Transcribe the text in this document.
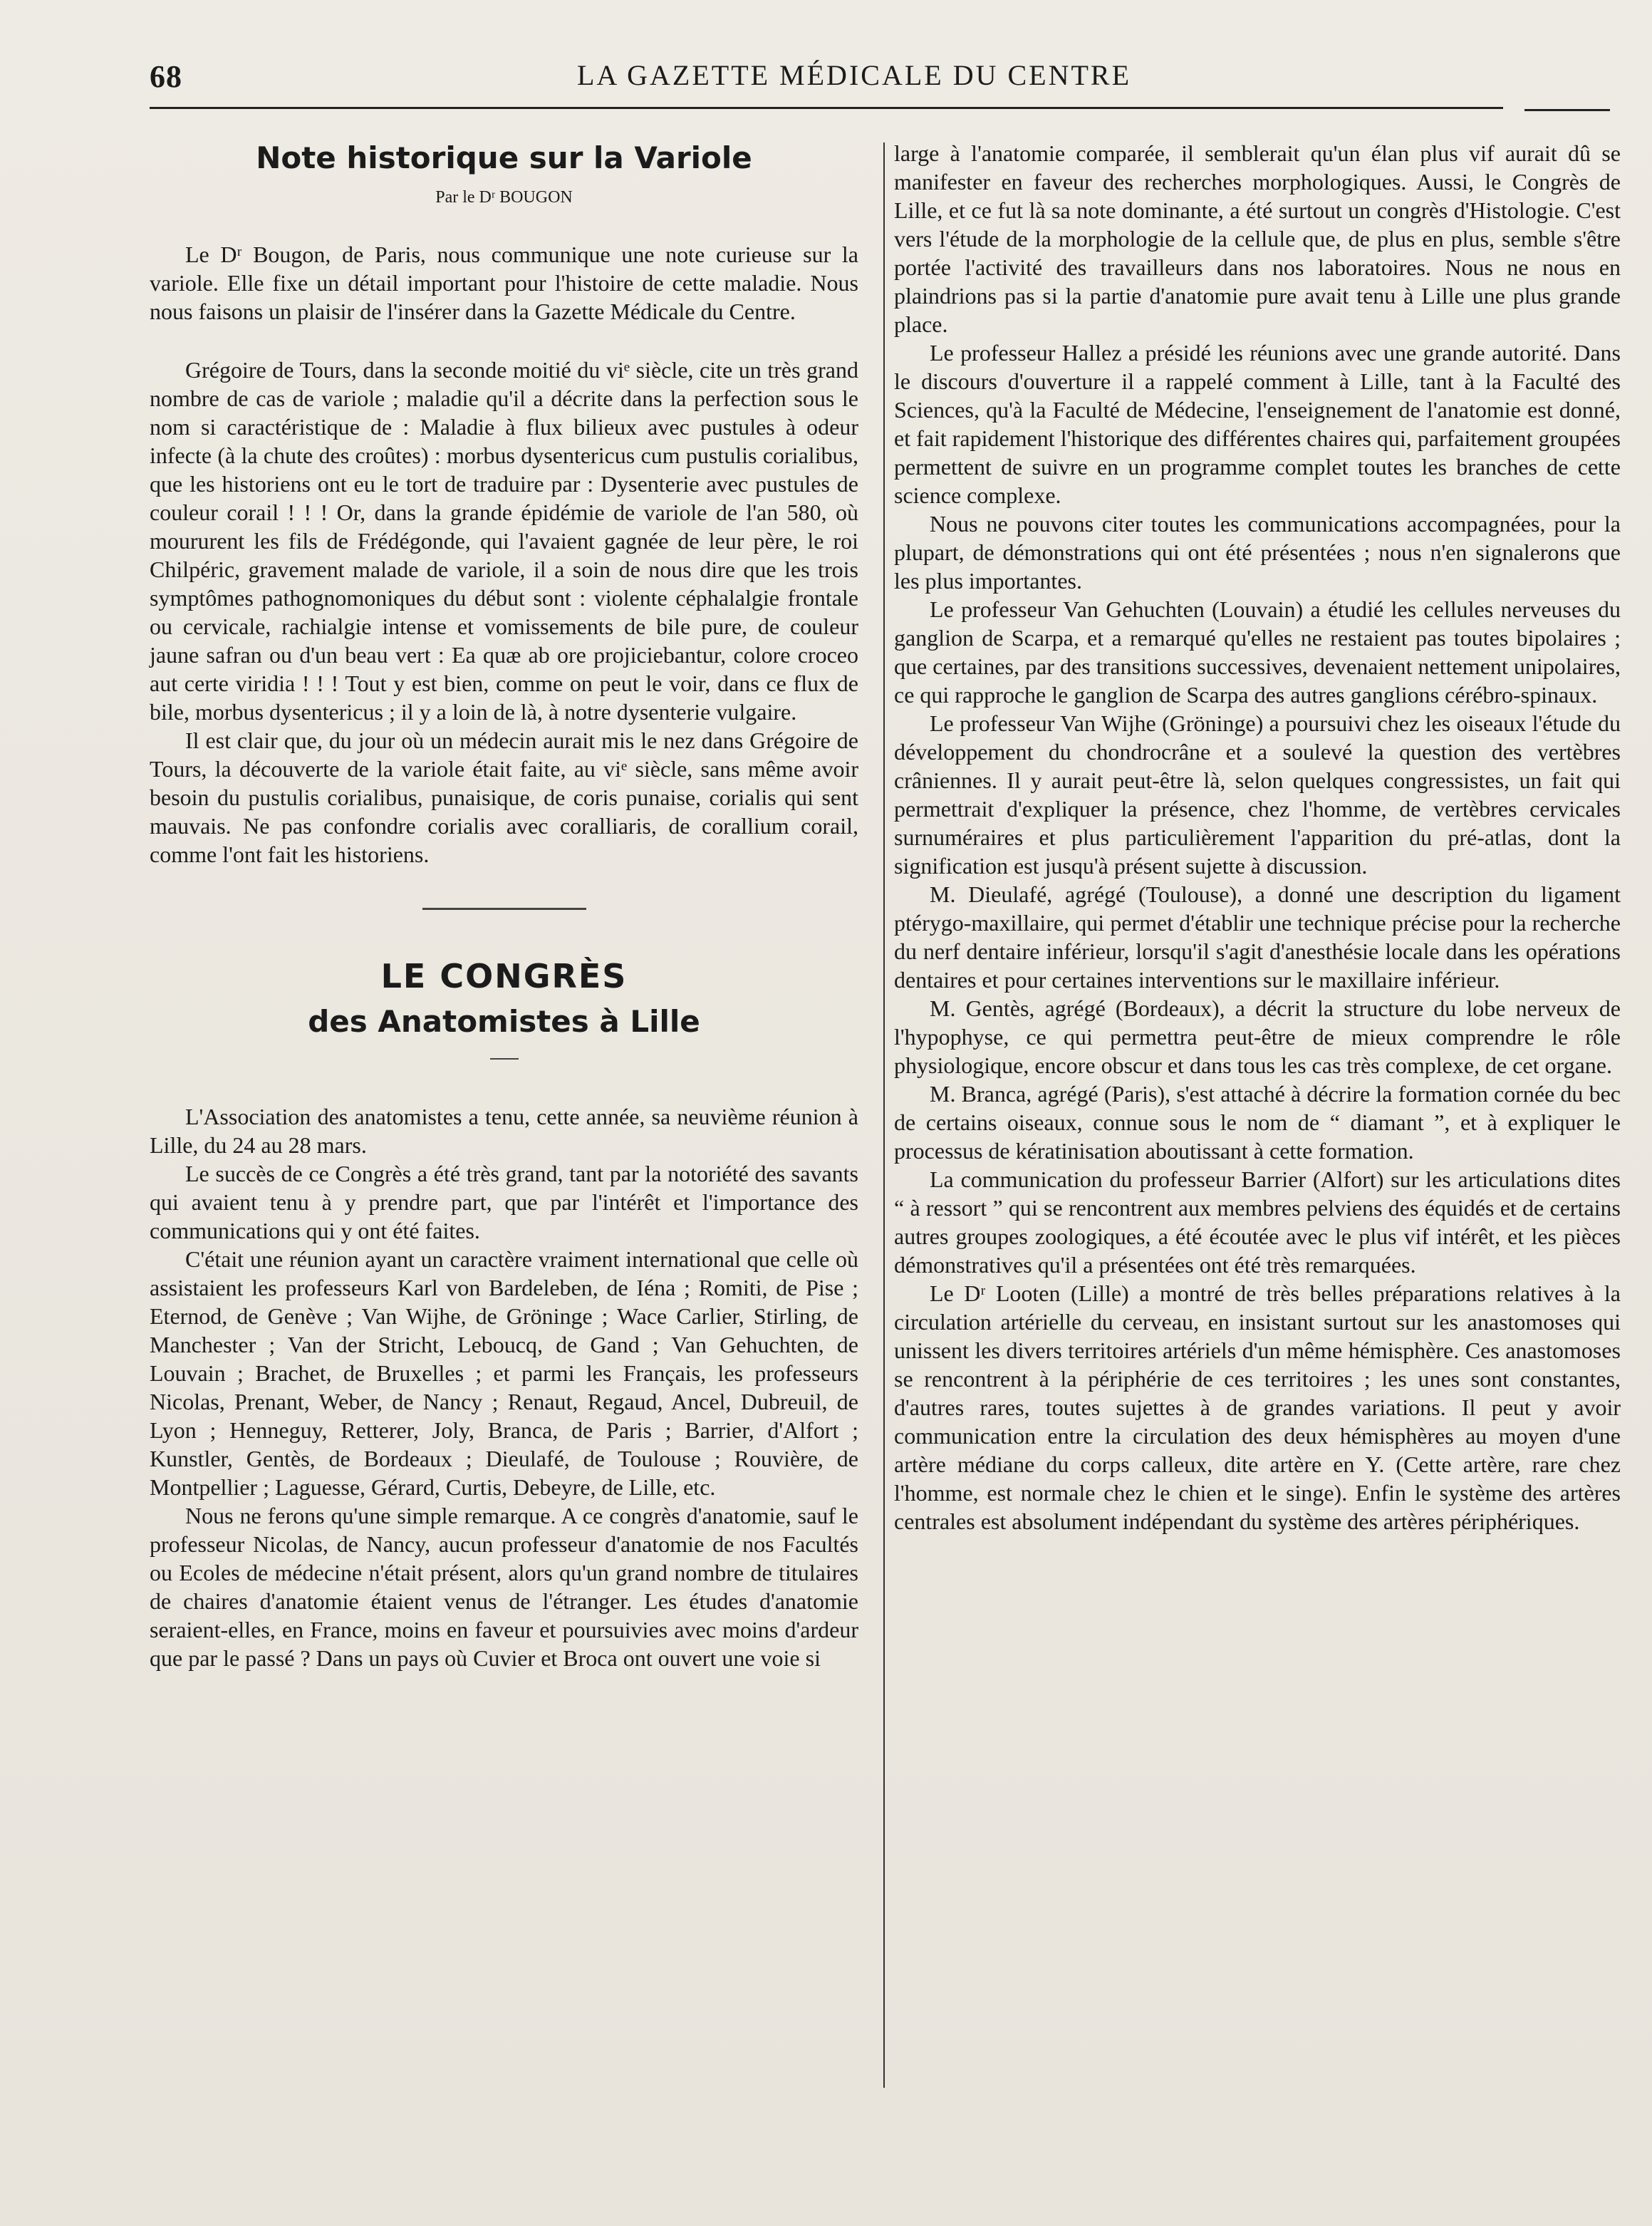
68	LA GAZETTE MÉDICALE DU CENTRE
Note historique sur la Variole
Par le Dʳ BOUGON

Le Dʳ Bougon, de Paris, nous communique une note curieuse sur la variole. Elle fixe un détail important pour l'histoire de cette maladie. Nous nous faisons un plaisir de l'insérer dans la Gazette Médicale du Centre.

Grégoire de Tours, dans la seconde moitié du viᵉ siècle, cite un très grand nombre de cas de variole ; maladie qu'il a décrite dans la perfection sous le nom si caractéristique de : Maladie à flux bilieux avec pustules à odeur infecte (à la chute des croûtes) : morbus dysentericus cum pustulis corialibus, que les historiens ont eu le tort de traduire par : Dysenterie avec pustules de couleur corail ! ! ! Or, dans la grande épidémie de variole de l'an 580, où moururent les fils de Frédégonde, qui l'avaient gagnée de leur père, le roi Chilpéric, gravement malade de variole, il a soin de nous dire que les trois symptômes pathognomoniques du début sont : violente céphalalgie frontale ou cervicale, rachialgie intense et vomissements de bile pure, de couleur jaune safran ou d'un beau vert : Ea quæ ab ore projiciebantur, colore croceo aut certe viridia ! ! ! Tout y est bien, comme on peut le voir, dans ce flux de bile, morbus dysentericus ; il y a loin de là, à notre dysenterie vulgaire.

Il est clair que, du jour où un médecin aurait mis le nez dans Grégoire de Tours, la découverte de la variole était faite, au viᵉ siècle, sans même avoir besoin du pustulis corialibus, punaisique, de coris punaise, corialis qui sent mauvais. Ne pas confondre corialis avec coralliaris, de corallium corail, comme l'ont fait les historiens.

LE CONGRÈS
des Anatomistes à Lille

L'Association des anatomistes a tenu, cette année, sa neuvième réunion à Lille, du 24 au 28 mars.

Le succès de ce Congrès a été très grand, tant par la notoriété des savants qui avaient tenu à y prendre part, que par l'intérêt et l'importance des communications qui y ont été faites.

C'était une réunion ayant un caractère vraiment international que celle où assistaient les professeurs Karl von Bardeleben, de Iéna ; Romiti, de Pise ; Eternod, de Genève ; Van Wijhe, de Gröninge ; Wace Carlier, Stirling, de Manchester ; Van der Stricht, Leboucq, de Gand ; Van Gehuchten, de Louvain ; Brachet, de Bruxelles ; et parmi les Français, les professeurs Nicolas, Prenant, Weber, de Nancy ; Renaut, Regaud, Ancel, Dubreuil, de Lyon ; Henneguy, Retterer, Joly, Branca, de Paris ; Barrier, d'Alfort ; Kunstler, Gentès, de Bordeaux ; Dieulafé, de Toulouse ; Rouvière, de Montpellier ; Laguesse, Gérard, Curtis, Debeyre, de Lille, etc.

Nous ne ferons qu'une simple remarque. A ce congrès d'anatomie, sauf le professeur Nicolas, de Nancy, aucun professeur d'anatomie de nos Facultés ou Ecoles de médecine n'était présent, alors qu'un grand nombre de titulaires de chaires d'anatomie étaient venus de l'étranger. Les études d'anatomie seraient-elles, en France, moins en faveur et poursuivies avec moins d'ardeur que par le passé ? Dans un pays où Cuvier et Broca ont ouvert une voie si

large à l'anatomie comparée, il semblerait qu'un élan plus vif aurait dû se manifester en faveur des recherches morphologiques. Aussi, le Congrès de Lille, et ce fut là sa note dominante, a été surtout un congrès d'Histologie. C'est vers l'étude de la morphologie de la cellule que, de plus en plus, semble s'être portée l'activité des travailleurs dans nos laboratoires. Nous ne nous en plaindrions pas si la partie d'anatomie pure avait tenu à Lille une plus grande place.

Le professeur Hallez a présidé les réunions avec une grande autorité. Dans le discours d'ouverture il a rappelé comment à Lille, tant à la Faculté des Sciences, qu'à la Faculté de Médecine, l'enseignement de l'anatomie est donné, et fait rapidement l'historique des différentes chaires qui, parfaitement groupées permettent de suivre en un programme complet toutes les branches de cette science complexe.

Nous ne pouvons citer toutes les communications accompagnées, pour la plupart, de démonstrations qui ont été présentées ; nous n'en signalerons que les plus importantes.

Le professeur Van Gehuchten (Louvain) a étudié les cellules nerveuses du ganglion de Scarpa, et a remarqué qu'elles ne restaient pas toutes bipolaires ; que certaines, par des transitions successives, devenaient nettement unipolaires, ce qui rapproche le ganglion de Scarpa des autres ganglions cérébro-spinaux.

Le professeur Van Wijhe (Gröninge) a poursuivi chez les oiseaux l'étude du développement du chondrocrâne et a soulevé la question des vertèbres crâniennes. Il y aurait peut-être là, selon quelques congressistes, un fait qui permettrait d'expliquer la présence, chez l'homme, de vertèbres cervicales surnuméraires et plus particulièrement l'apparition du pré-atlas, dont la signification est jusqu'à présent sujette à discussion.

M. Dieulafé, agrégé (Toulouse), a donné une description du ligament ptérygo-maxillaire, qui permet d'établir une technique précise pour la recherche du nerf dentaire inférieur, lorsqu'il s'agit d'anesthésie locale dans les opérations dentaires et pour certaines interventions sur le maxillaire inférieur.

M. Gentès, agrégé (Bordeaux), a décrit la structure du lobe nerveux de l'hypophyse, ce qui permettra peut-être de mieux comprendre le rôle physiologique, encore obscur et dans tous les cas très complexe, de cet organe.

M. Branca, agrégé (Paris), s'est attaché à décrire la formation cornée du bec de certains oiseaux, connue sous le nom de “ diamant ”, et à expliquer le processus de kératinisation aboutissant à cette formation.

La communication du professeur Barrier (Alfort) sur les articulations dites “ à ressort ” qui se rencontrent aux membres pelviens des équidés et de certains autres groupes zoologiques, a été écoutée avec le plus vif intérêt, et les pièces démonstratives qu'il a présentées ont été très remarquées.

Le Dʳ Looten (Lille) a montré de très belles préparations relatives à la circulation artérielle du cerveau, en insistant surtout sur les anastomoses qui unissent les divers territoires artériels d'un même hémisphère. Ces anastomoses se rencontrent à la périphérie de ces territoires ; les unes sont constantes, d'autres rares, toutes sujettes à de grandes variations. Il peut y avoir communication entre la circulation des deux hémisphères au moyen d'une artère médiane du corps calleux, dite artère en Y. (Cette artère, rare chez l'homme, est normale chez le chien et le singe). Enfin le système des artères centrales est absolument indépendant du système des artères périphériques.
